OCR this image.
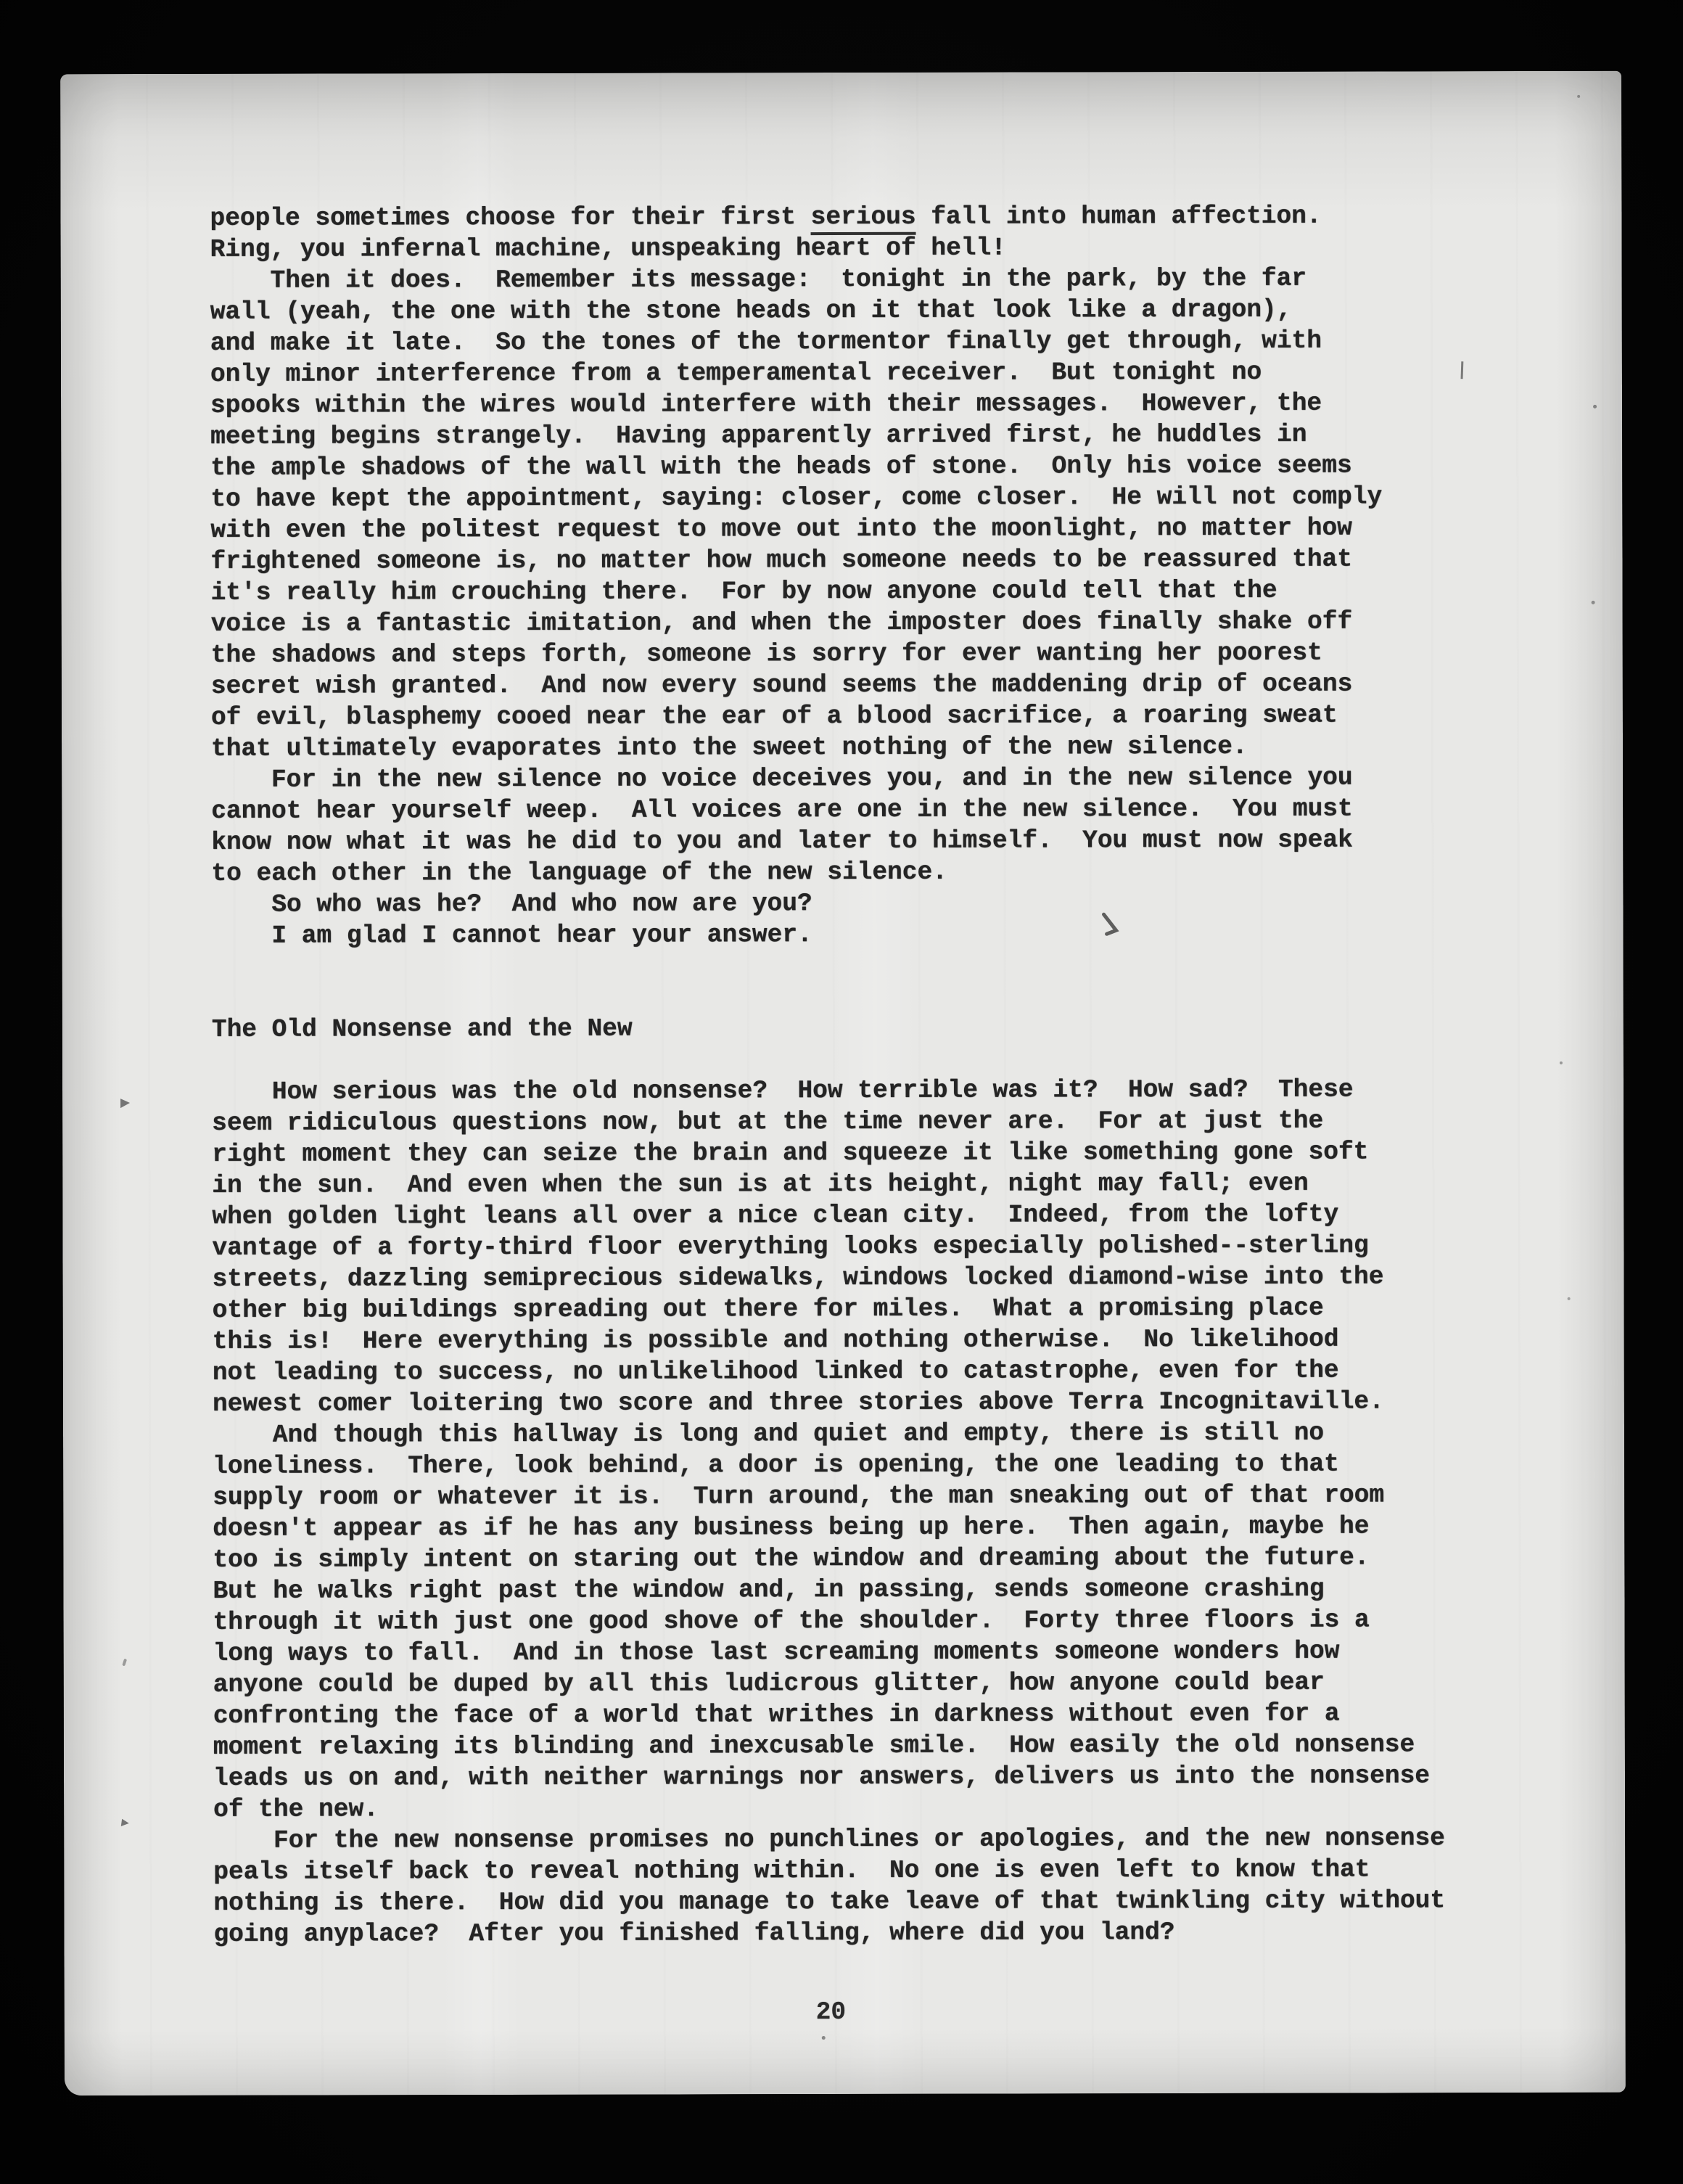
people sometimes choose for their first serious fall into human affection.
Ring, you infernal machine, unspeaking heart of hell!
Then it does.  Remember its message:  tonight in the park, by the far
wall (yeah, the one with the stone heads on it that look like a dragon),
and make it late.  So the tones of the tormentor finally get through, with
only minor interference from a temperamental receiver.  But tonight no
spooks within the wires would interfere with their messages.  However, the
meeting begins strangely.  Having apparently arrived first, he huddles in
the ample shadows of the wall with the heads of stone.  Only his voice seems
to have kept the appointment, saying: closer, come closer.  He will not comply
with even the politest request to move out into the moonlight, no matter how
frightened someone is, no matter how much someone needs to be reassured that
it's really him crouching there.  For by now anyone could tell that the
voice is a fantastic imitation, and when the imposter does finally shake off
the shadows and steps forth, someone is sorry for ever wanting her poorest
secret wish granted.  And now every sound seems the maddening drip of oceans
of evil, blasphemy cooed near the ear of a blood sacrifice, a roaring sweat
that ultimately evaporates into the sweet nothing of the new silence.
For in the new silence no voice deceives you, and in the new silence you
cannot hear yourself weep.  All voices are one in the new silence.  You must
know now what it was he did to you and later to himself.  You must now speak
to each other in the language of the new silence.
So who was he?  And who now are you?
I am glad I cannot hear your answer.

The Old Nonsense and the New

How serious was the old nonsense?  How terrible was it?  How sad?  These
seem ridiculous questions now, but at the time never are.  For at just the
right moment they can seize the brain and squeeze it like something gone soft
in the sun.  And even when the sun is at its height, night may fall; even
when golden light leans all over a nice clean city.  Indeed, from the lofty
vantage of a forty-third floor everything looks especially polished--sterling
streets, dazzling semiprecious sidewalks, windows locked diamond-wise into the
other big buildings spreading out there for miles.  What a promising place
this is!  Here everything is possible and nothing otherwise.  No likelihood
not leading to success, no unlikelihood linked to catastrophe, even for the
newest comer loitering two score and three stories above Terra Incognitaville.
And though this hallway is long and quiet and empty, there is still no
loneliness.  There, look behind, a door is opening, the one leading to that
supply room or whatever it is.  Turn around, the man sneaking out of that room
doesn't appear as if he has any business being up here.  Then again, maybe he
too is simply intent on staring out the window and dreaming about the future.
But he walks right past the window and, in passing, sends someone crashing
through it with just one good shove of the shoulder.  Forty three floors is a
long ways to fall.  And in those last screaming moments someone wonders how
anyone could be duped by all this ludicrous glitter, how anyone could bear
confronting the face of a world that writhes in darkness without even for a
moment relaxing its blinding and inexcusable smile.  How easily the old nonsense
leads us on and, with neither warnings nor answers, delivers us into the nonsense
of the new.
For the new nonsense promises no punchlines or apologies, and the new nonsense
peals itself back to reveal nothing within.  No one is even left to know that
nothing is there.  How did you manage to take leave of that twinkling city without
going anyplace?  After you finished falling, where did you land?
20
